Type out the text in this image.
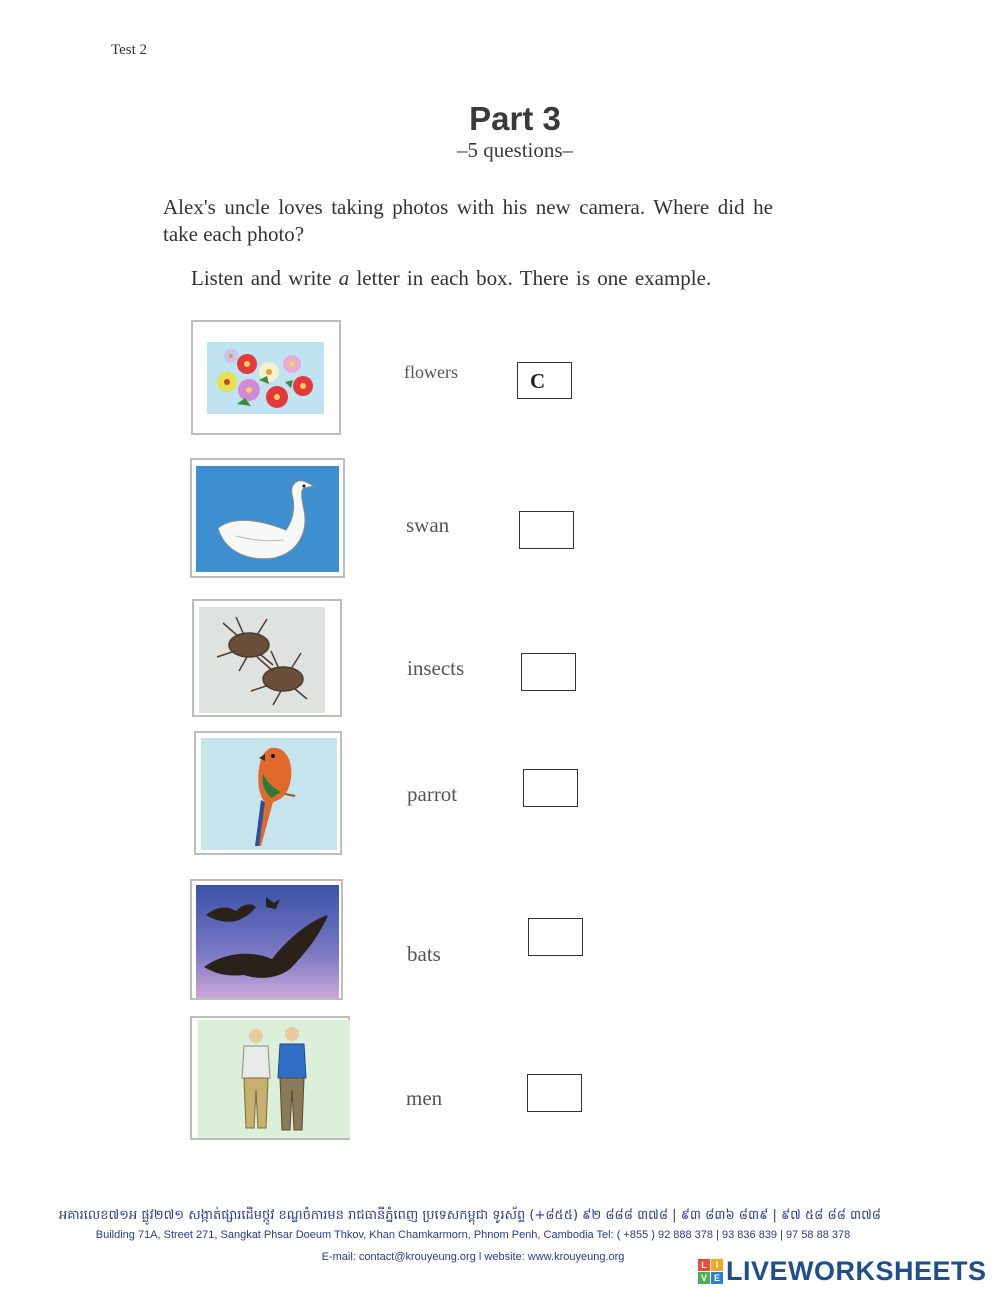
Test 2
Part 3
–5 questions–
Alex's uncle loves taking photos with his new camera. Where did he take each photo?
Listen and write a letter in each box. There is one example.
flowers	C
swan
insects
parrot
bats
men
អគារលេខ៧១អ ផ្លូវ២៧១ សង្កាត់ផ្សារដើមថ្កូវ ខណ្ឌចំការមន រាជធានីភ្នំពេញ ប្រទេសកម្ពុជា ទូរស័ព្ទ (+៨៥៥) ៩២ ៨៨៨ ៣៧៨ | ៩៣ ៨៣៦ ៨៣៩ | ៩៧ ៥៨ ៨៨ ៣៧៨
Building 71A, Street 271, Sangkat Phsar Doeum Thkov, Khan Chamkarmorn, Phnom Penh, Cambodia Tel: ( +855 ) 92 888 378 | 93 836 839 | 97 58 88 378
E-mail: contact@krouyeung.org l website: www.krouyeung.org
L I
V E LIVEWORKSHEETS
